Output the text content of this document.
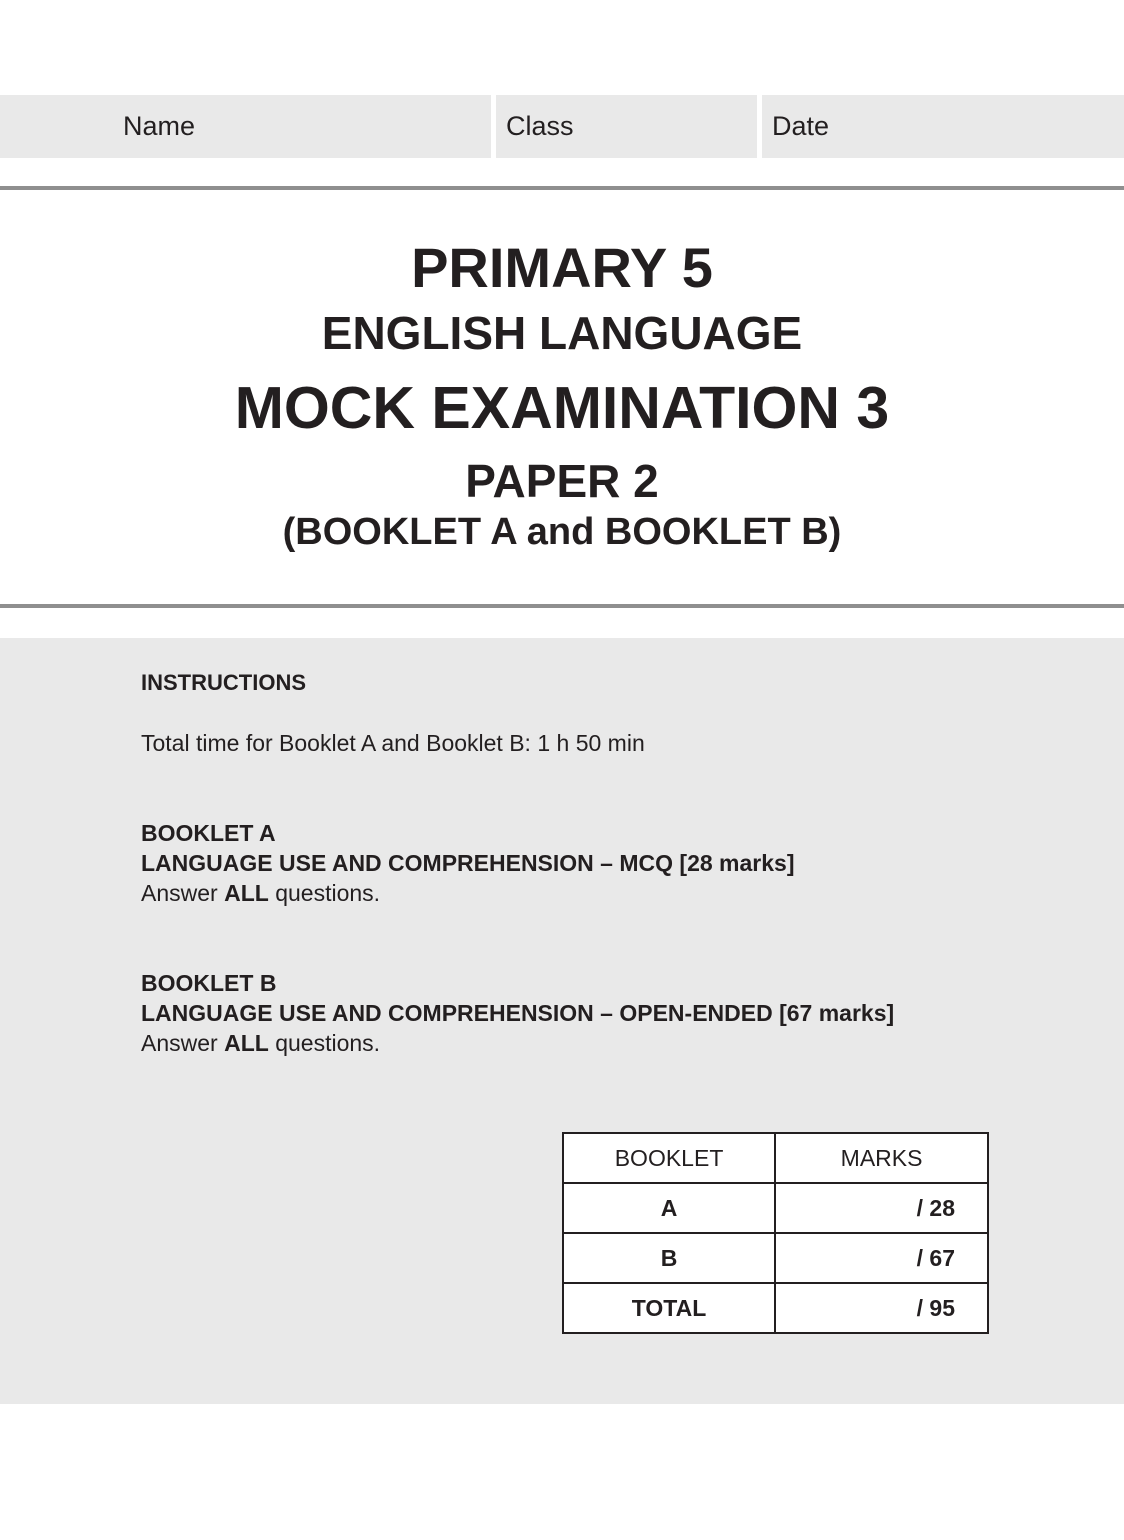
Name	Class	Date
PRIMARY 5
ENGLISH LANGUAGE
MOCK EXAMINATION 3
PAPER 2
(BOOKLET A and BOOKLET B)
INSTRUCTIONS
Total time for Booklet A and Booklet B: 1 h 50 min
BOOKLET A
LANGUAGE USE AND COMPREHENSION – MCQ [28 marks]
Answer ALL questions.
BOOKLET B
LANGUAGE USE AND COMPREHENSION – OPEN-ENDED [67 marks]
Answer ALL questions.
BOOKLET	MARKS
A	/ 28
B	/ 67
TOTAL	/ 95
